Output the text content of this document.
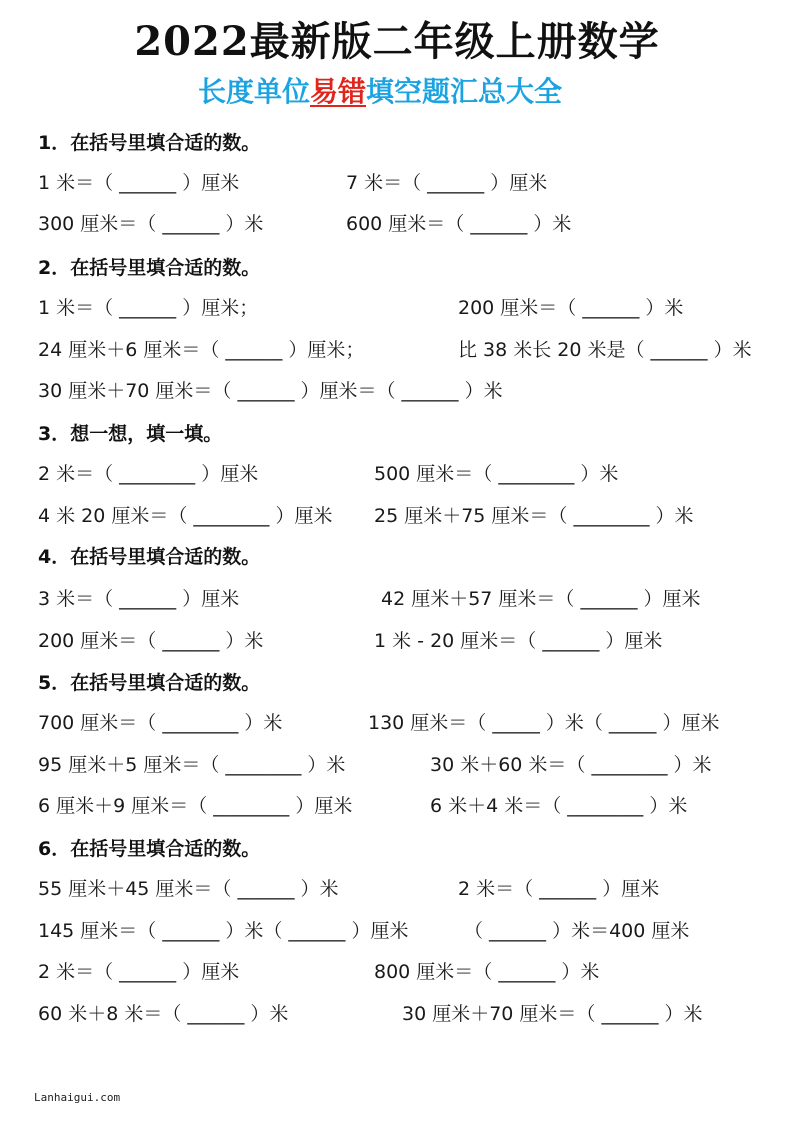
2022最新版二年级上册数学
长度单位易错填空题汇总大全
1．在括号里填合适的数。
1 米＝（ ______ ）厘米	7 米＝（ ______ ）厘米
300 厘米＝（ ______ ）米	600 厘米＝（ ______ ）米
2．在括号里填合适的数。
1 米＝（ ______ ）厘米；	200 厘米＝（ ______ ）米
24 厘米＋6 厘米＝（ ______ ）厘米；	比 38 米长 20 米是（ ______ ）米
30 厘米＋70 厘米＝（ ______ ）厘米＝（ ______ ）米
3．想一想，填一填。
2 米＝（ ________ ）厘米	500 厘米＝（ ________ ）米
4 米 20 厘米＝（ ________ ）厘米 25 厘米＋75 厘米＝（ ________ ）米
4．在括号里填合适的数。
3 米＝（ ______ ）厘米	42 厘米＋57 厘米＝（ ______ ）厘米
200 厘米＝（ ______ ）米	1 米 - 20 厘米＝（ ______ ）厘米
5．在括号里填合适的数。
700 厘米＝（ ________ ）米	130 厘米＝（ _____ ）米（ _____ ）厘米
95 厘米＋5 厘米＝（ ________ ）米	30 米＋60 米＝（ ________ ）米
6 厘米＋9 厘米＝（ ________ ）厘米	6 米＋4 米＝（ ________ ）米
6．在括号里填合适的数。
55 厘米＋45 厘米＝（ ______ ）米	2 米＝（ ______ ）厘米
145 厘米＝（ ______ ）米（ ______ ）厘米	（ ______ ）米＝400 厘米
2 米＝（ ______ ）厘米	800 厘米＝（ ______ ）米
60 米＋8 米＝（ ______ ）米	30 厘米＋70 厘米＝（ ______ ）米
Lanhaigui.com
